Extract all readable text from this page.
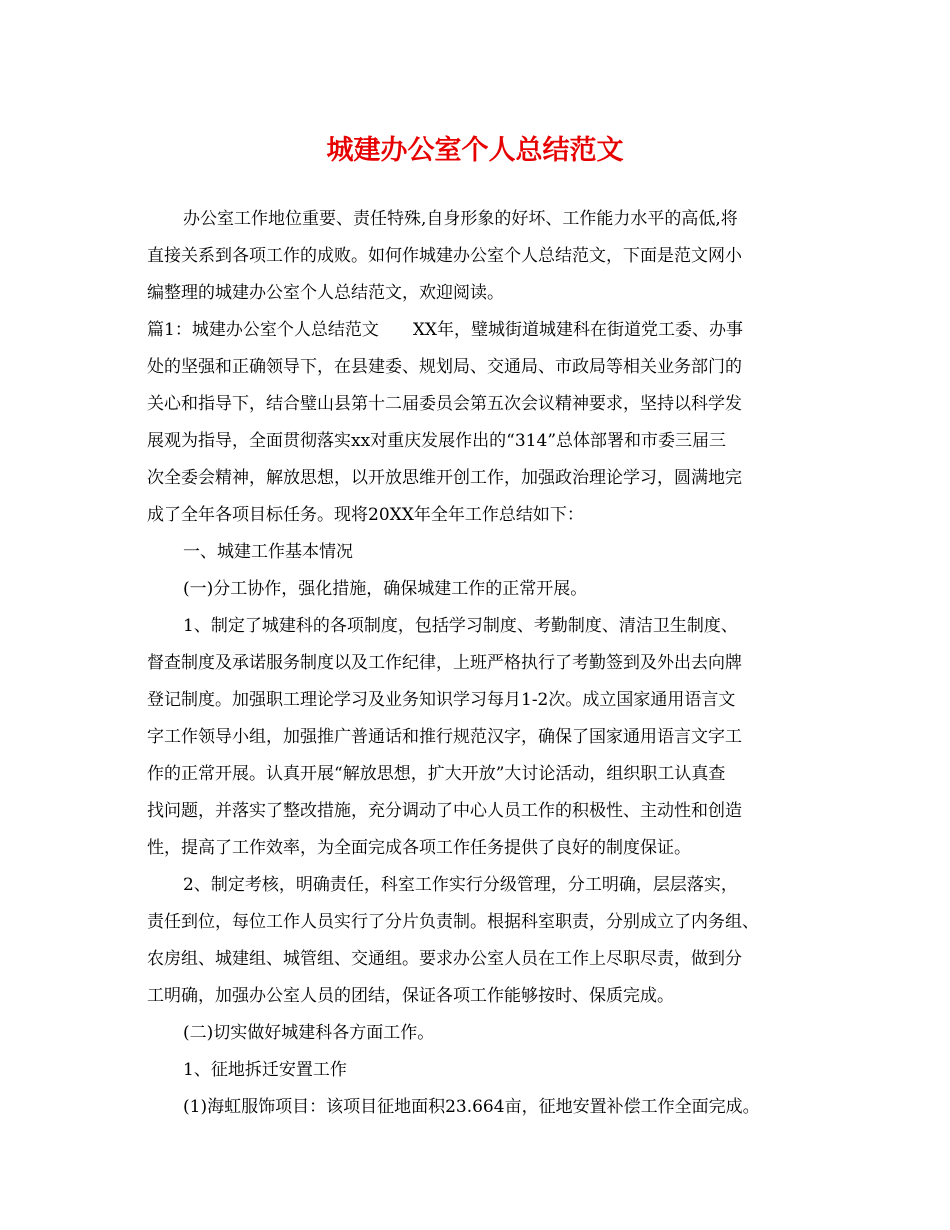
城建办公室个人总结范文
办公室工作地位重要、责任特殊,自身形象的好坏、工作能力水平的高低,将
直接关系到各项工作的成败。如何作城建办公室个人总结范文，下面是范文网小
编整理的城建办公室个人总结范文，欢迎阅读。
篇1：城建办公室个人总结范文　　XX年，璧城街道城建科在街道党工委、办事
处的坚强和正确领导下，在县建委、规划局、交通局、市政局等相关业务部门的
关心和指导下，结合璧山县第十二届委员会第五次会议精神要求，坚持以科学发
展观为指导，全面贯彻落实xx对重庆发展作出的“314”总体部署和市委三届三
次全委会精神，解放思想，以开放思维开创工作，加强政治理论学习，圆满地完
成了全年各项目标任务。现将20XX年全年工作总结如下：
一、城建工作基本情况
(一)分工协作，强化措施，确保城建工作的正常开展。
1、制定了城建科的各项制度，包括学习制度、考勤制度、清洁卫生制度、
督查制度及承诺服务制度以及工作纪律，上班严格执行了考勤签到及外出去向牌
登记制度。加强职工理论学习及业务知识学习每月1-2次。成立国家通用语言文
字工作领导小组，加强推广普通话和推行规范汉字，确保了国家通用语言文字工
作的正常开展。认真开展“解放思想，扩大开放”大讨论活动，组织职工认真查
找问题，并落实了整改措施，充分调动了中心人员工作的积极性、主动性和创造
性，提高了工作效率，为全面完成各项工作任务提供了良好的制度保证。
2、制定考核，明确责任，科室工作实行分级管理，分工明确，层层落实，
责任到位，每位工作人员实行了分片负责制。根据科室职责，分别成立了内务组、
农房组、城建组、城管组、交通组。要求办公室人员在工作上尽职尽责，做到分
工明确，加强办公室人员的团结，保证各项工作能够按时、保质完成。
(二)切实做好城建科各方面工作。
1、征地拆迁安置工作
(1)海虹服饰项目：该项目征地面积23.664亩，征地安置补偿工作全面完成。
